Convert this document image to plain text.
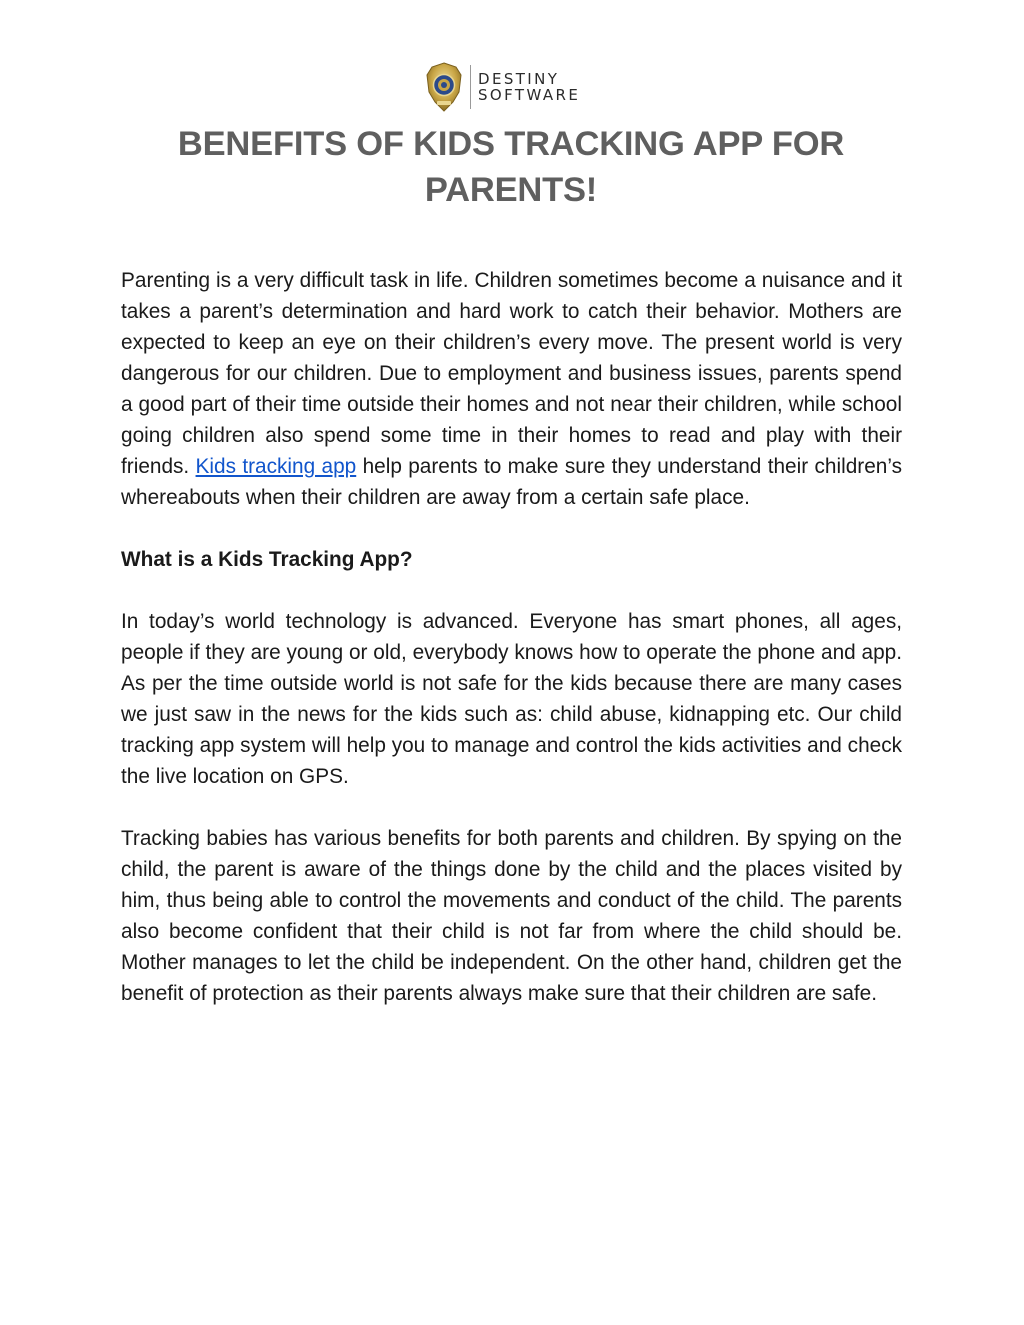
DESTINY
SOFTWARE
BENEFITS OF KIDS TRACKING APP FOR PARENTS!

Parenting is a very difficult task in life. Children sometimes become a nuisance and it takes a parent’s determination and hard work to catch their behavior. Mothers are expected to keep an eye on their children’s every move. The present world is very dangerous for our children. Due to employment and business issues, parents spend a good part of their time outside their homes and not near their children, while school going children also spend some time in their homes to read and play with their friends. Kids tracking app help parents to make sure they understand their children’s whereabouts when their children are away from a certain safe place.

What is a Kids Tracking App?

In today’s world technology is advanced. Everyone has smart phones, all ages, people if they are young or old, everybody knows how to operate the phone and app. As per the time outside world is not safe for the kids because there are many cases we just saw in the news for the kids such as: child abuse, kidnapping etc. Our child tracking app system will help you to manage and control the kids activities and check the live location on GPS.

Tracking babies has various benefits for both parents and children. By spying on the child, the parent is aware of the things done by the child and the places visited by him, thus being able to control the movements and conduct of the child. The parents also become confident that their child is not far from where the child should be. Mother manages to let the child be independent. On the other hand, children get the benefit of protection as their parents always make sure that their children are safe.
